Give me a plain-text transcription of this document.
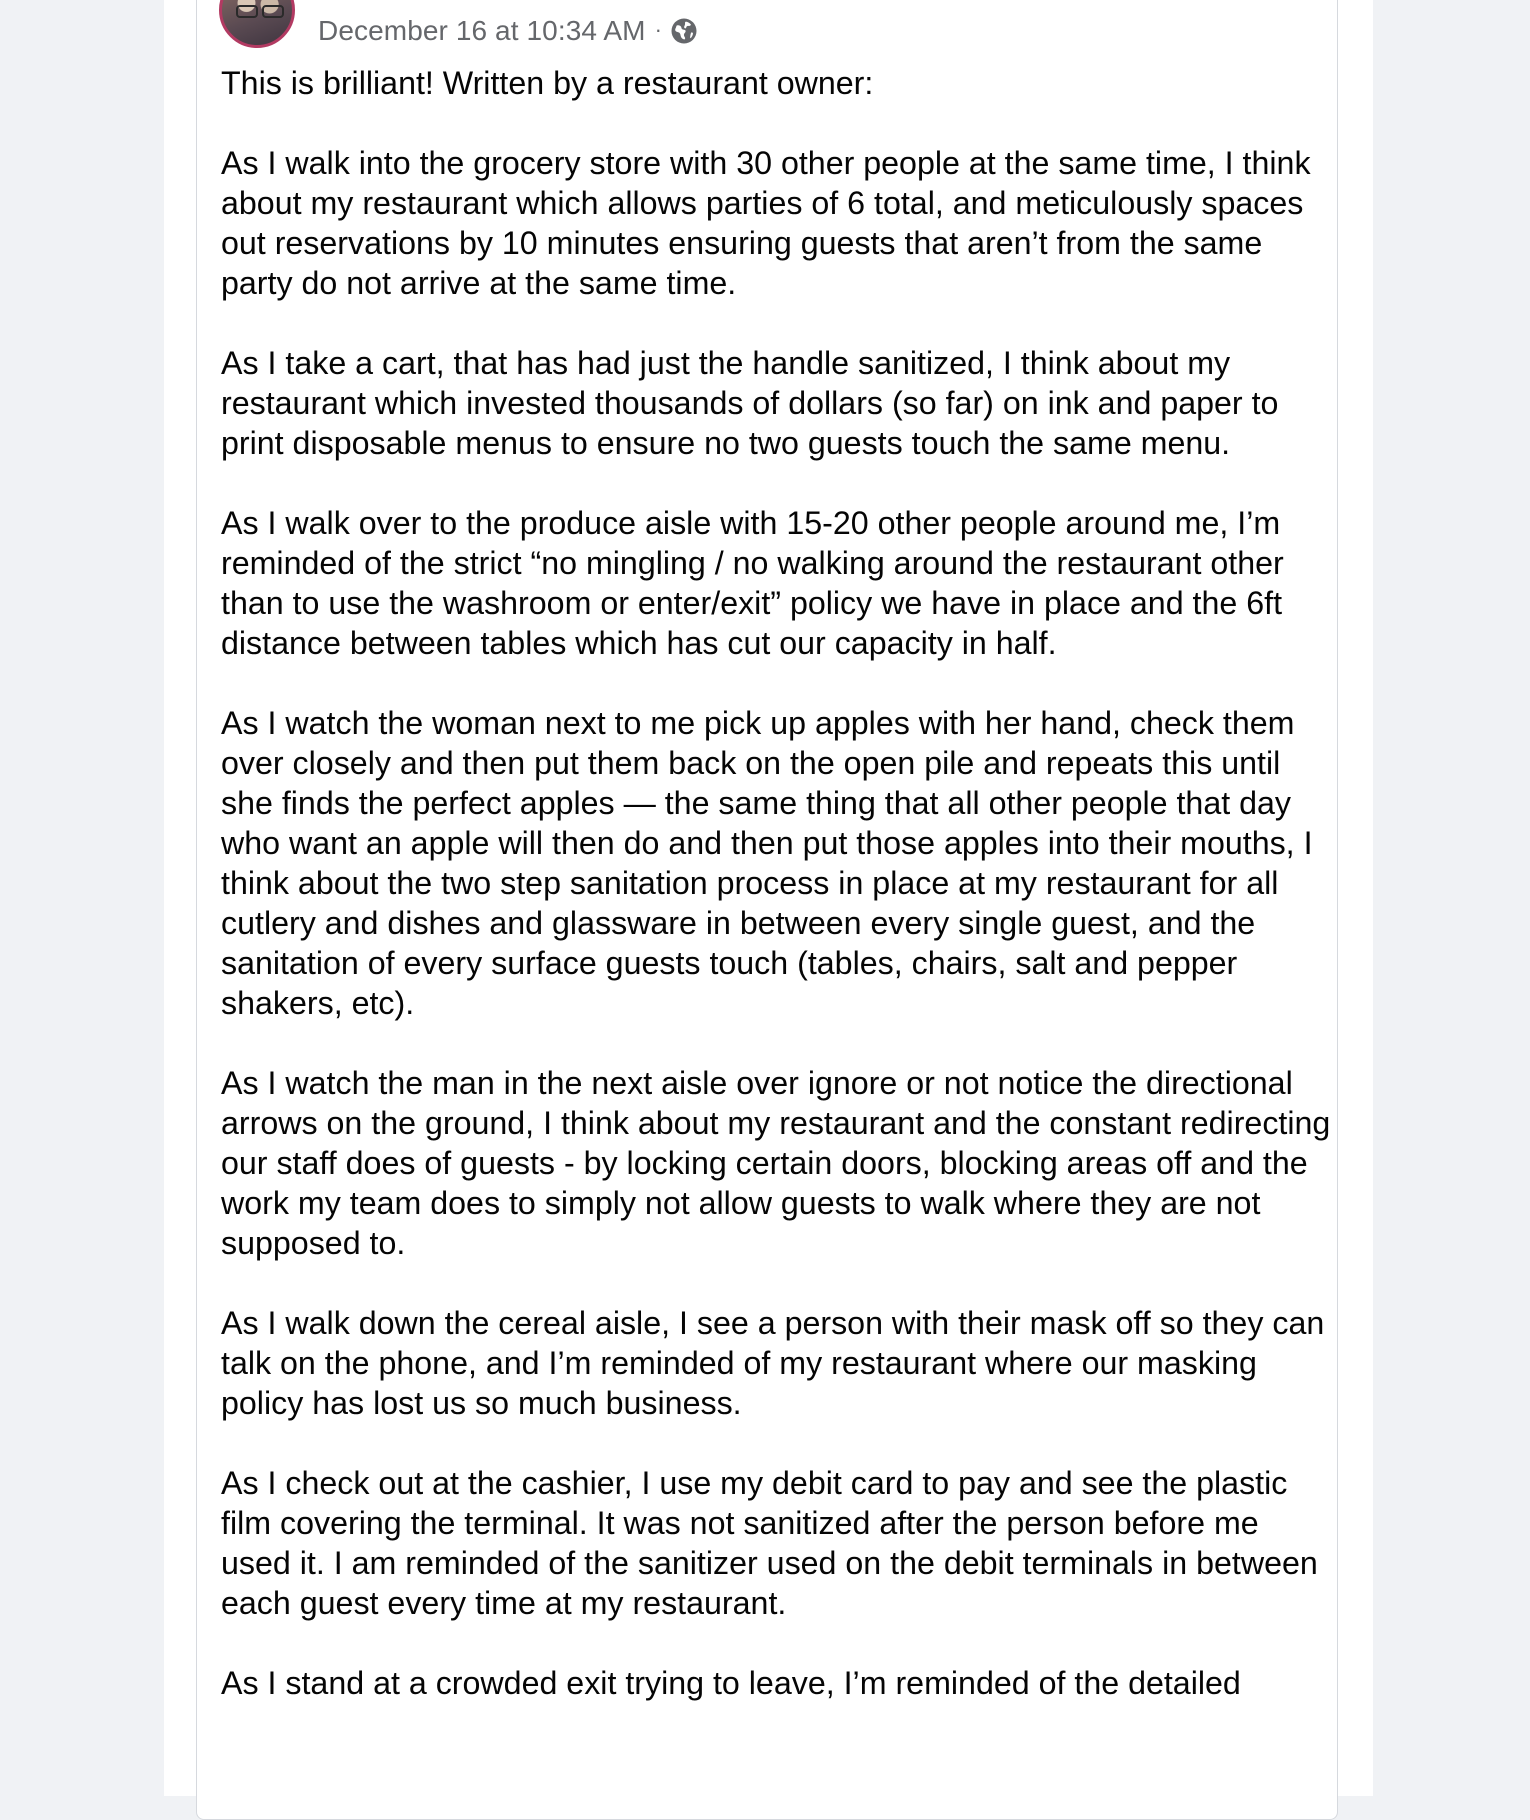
December 16 at 10:34 AM ·

This is brilliant! Written by a restaurant owner:

As I walk into the grocery store with 30 other people at the same time, I think about my restaurant which allows parties of 6 total, and meticulously spaces out reservations by 10 minutes ensuring guests that aren’t from the same party do not arrive at the same time.

As I take a cart, that has had just the handle sanitized, I think about my restaurant which invested thousands of dollars (so far) on ink and paper to print disposable menus to ensure no two guests touch the same menu.

As I walk over to the produce aisle with 15-20 other people around me, I’m reminded of the strict “no mingling / no walking around the restaurant other than to use the washroom or enter/exit” policy we have in place and the 6ft distance between tables which has cut our capacity in half.

As I watch the woman next to me pick up apples with her hand, check them over closely and then put them back on the open pile and repeats this until she finds the perfect apples — the same thing that all other people that day who want an apple will then do and then put those apples into their mouths, I think about the two step sanitation process in place at my restaurant for all cutlery and dishes and glassware in between every single guest, and the sanitation of every surface guests touch (tables, chairs, salt and pepper shakers, etc).

As I watch the man in the next aisle over ignore or not notice the directional arrows on the ground, I think about my restaurant and the constant redirecting our staff does of guests - by locking certain doors, blocking areas off and the work my team does to simply not allow guests to walk where they are not supposed to.

As I walk down the cereal aisle, I see a person with their mask off so they can talk on the phone, and I’m reminded of my restaurant where our masking policy has lost us so much business.

As I check out at the cashier, I use my debit card to pay and see the plastic film covering the terminal. It was not sanitized after the person before me used it. I am reminded of the sanitizer used on the debit terminals in between each guest every time at my restaurant.

As I stand at a crowded exit trying to leave, I’m reminded of the detailed
